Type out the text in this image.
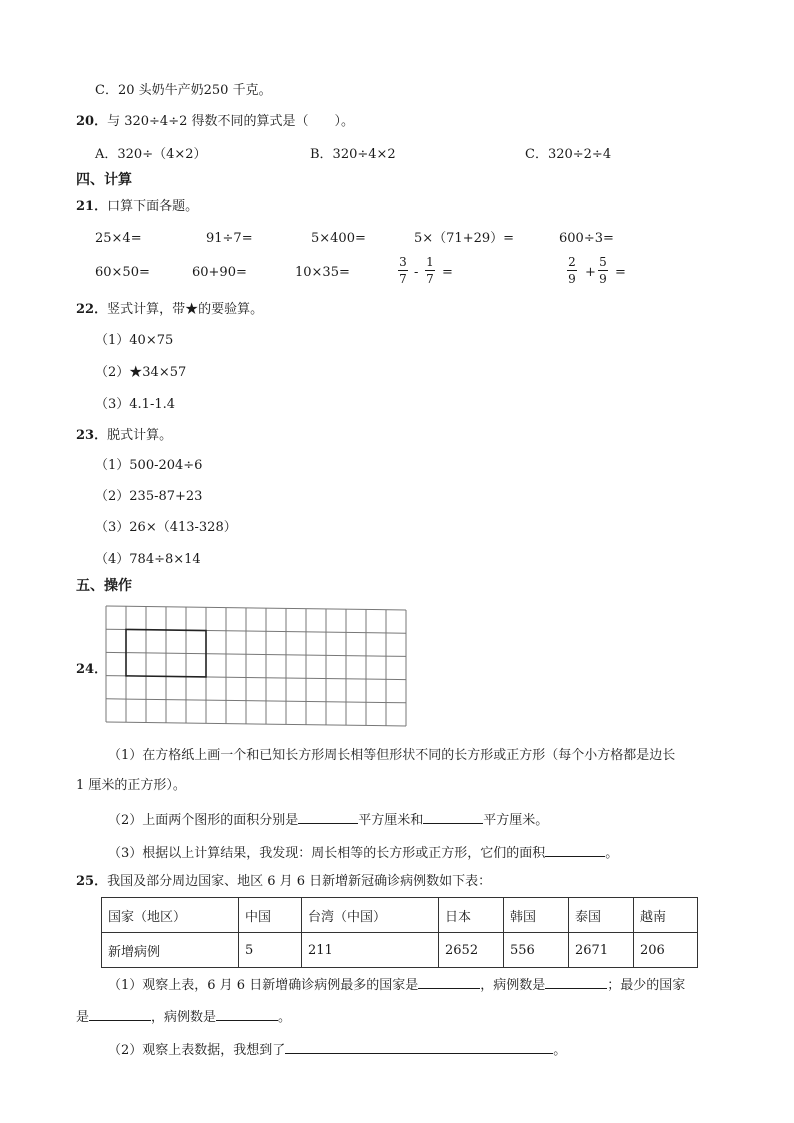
C．20 头奶牛产奶250 千克。
20．与 320÷4÷2 得数不同的算式是（　　）。
A．320÷（4×2）	B．320÷4×2	C．320÷2÷4
四、计算
21．口算下面各题。
25×4=	91÷7=	5×400=	5×（71+29）=	600÷3=
60×50=	60+90=	10×35=
3
7 -
1
7 =
2
9 +
5
9 =
22．竖式计算，带★的要验算。
（1）40×75
（2）★34×57
（3）4.1-1.4
23．脱式计算。
（1）500-204÷6
（2）235-87+23
（3）26×（413-328）
（4）784÷8×14
五、操作
24．
（1）在方格纸上画一个和已知长方形周长相等但形状不同的长方形或正方形（每个小方格都是边长
1 厘米的正方形）。
（2）上面两个图形的面积分别是	平方厘米和	平方厘米。
（3）根据以上计算结果，我发现：周长相等的长方形或正方形，它们的面积	。
25．我国及部分周边国家、地区 6 月 6 日新增新冠确诊病例数如下表：
国家（地区）	中国	台湾（中国）	日本	韩国	泰国	越南
新增病例	5	211	2652	556	2671	206
（1）观察上表，6 月 6 日新增确诊病例最多的国家是	，病例数是	；最少的国家
是	，病例数是	。
（2）观察上表数据，我想到了	。
